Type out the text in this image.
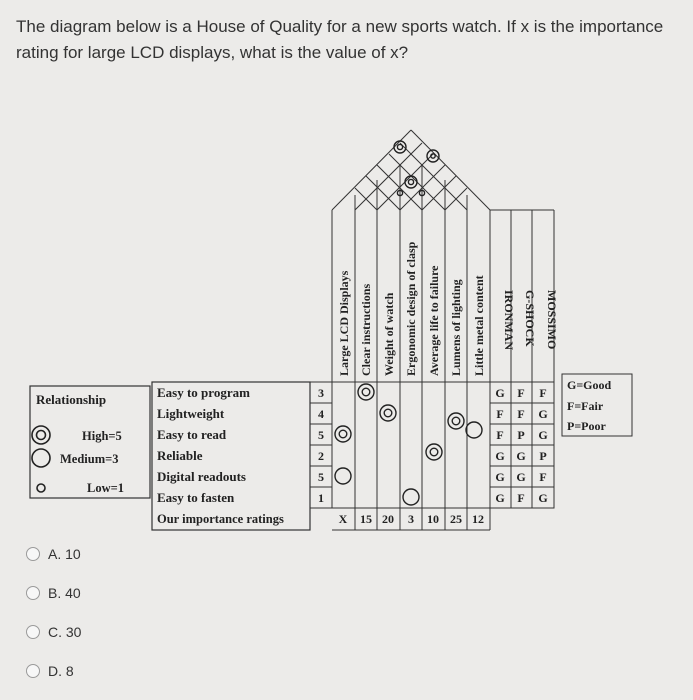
The diagram below is a House of Quality for a new sports watch. If x is the importance rating for large LCD displays, what is the value of x?
Relationship
High=5
Medium=3
Low=1
Easy to program
Lightweight
Easy to read
Reliable
Digital readouts
Easy to fasten
Our importance ratings
Large LCD Displays Clear instructions Weight of watch Ergonomic design of clasp Average life to failure Lumens of lighting Little metal content IRONMAN G-SHOCK MOSSIMO
3
4
5
2
5
1
X 15 20 3 10 25 12
G F F
F F G
F P G
G G P
G G F
G F G
G=Good
F=Fair
P=Poor
A. 10
B. 40
C. 30
D. 8
